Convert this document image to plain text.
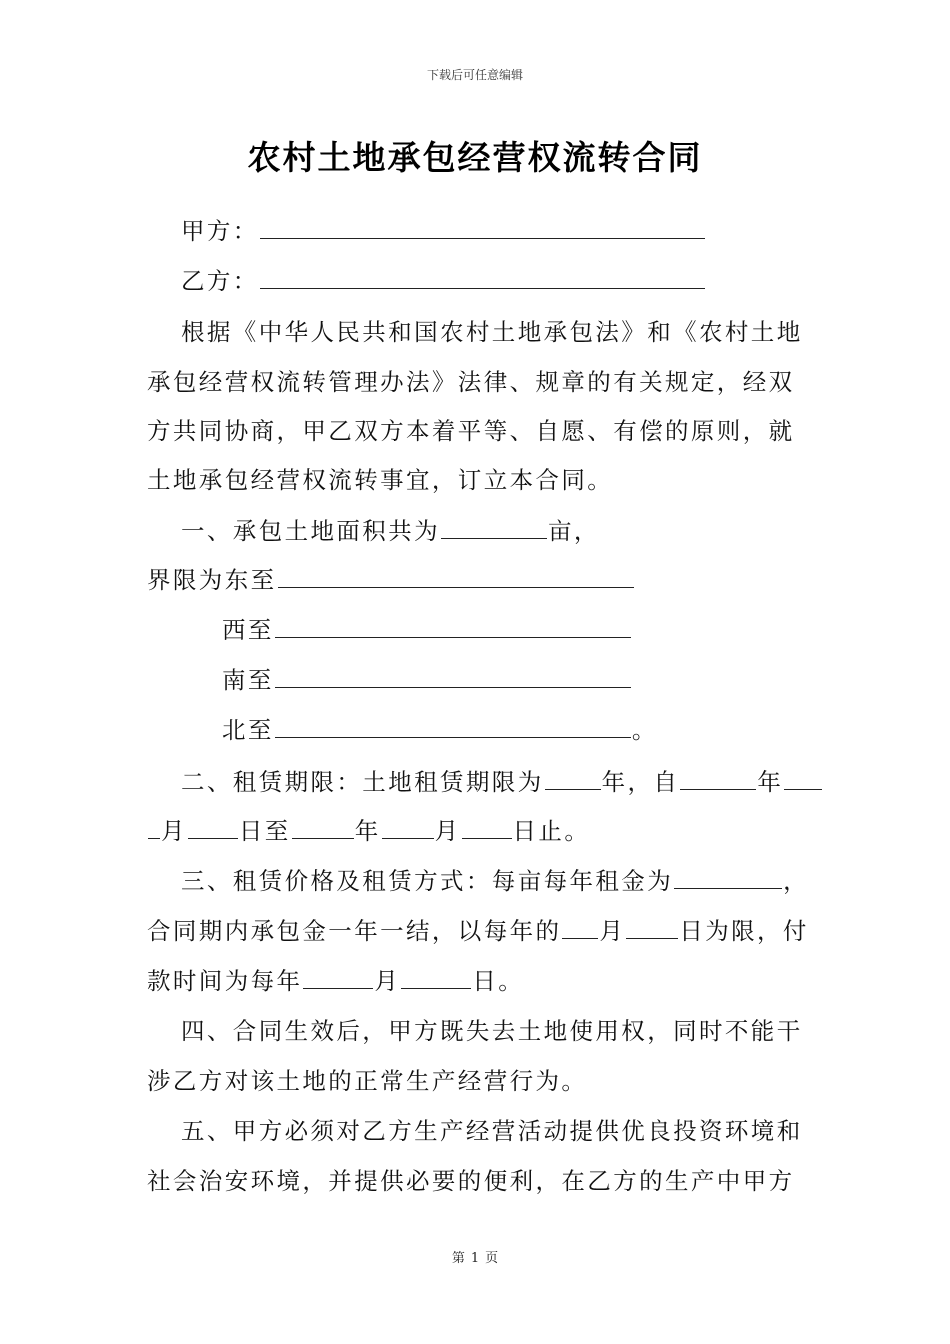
下载后可任意编辑
农村土地承包经营权流转合同
甲方：
乙方：
根据《中华人民共和国农村土地承包法》和《农村土地
承包经营权流转管理办法》法律、规章的有关规定，经双
方共同协商，甲乙双方本着平等、自愿、有偿的原则，就
土地承包经营权流转事宜，订立本合同。
一、承包土地面积共为	亩，
界限为东至
西至
南至
北至	。
二、租赁期限：土地租赁期限为 年，自	年
月 日至	年 月 日止。
三、租赁价格及租赁方式：每亩每年租金为	，
合同期内承包金一年一结，以每年的 月 日为限，付
款时间为每年	月	日。
四、合同生效后，甲方既失去土地使用权，同时不能干
涉乙方对该土地的正常生产经营行为。
五、甲方必须对乙方生产经营活动提供优良投资环境和
社会治安环境，并提供必要的便利，在乙方的生产中甲方
第 1 页
